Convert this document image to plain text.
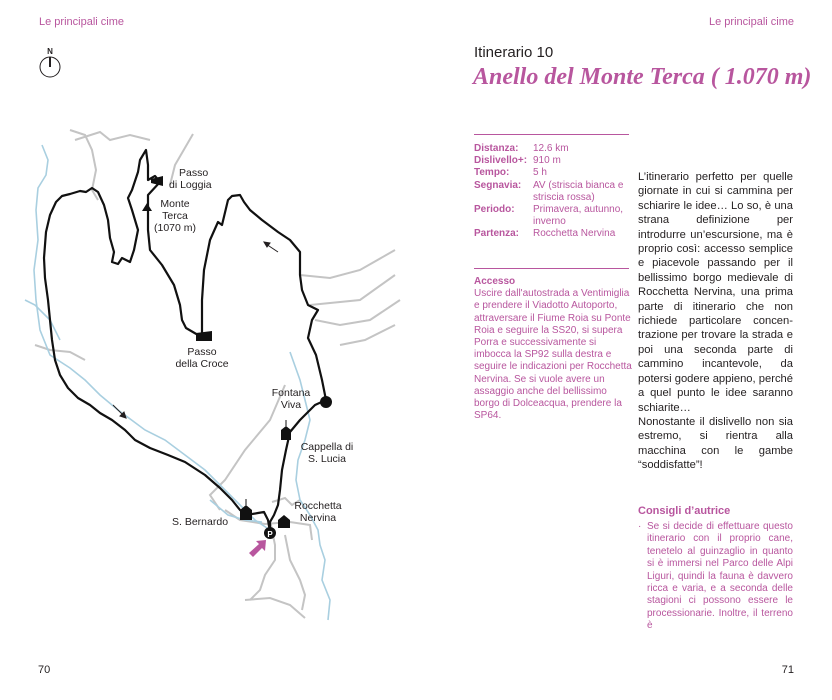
Le principali cime	Le principali cime
N
P
Passo di Loggia
Monte Terca (1070 m)
Passo della Croce
Fontana Viva
Cappella di S. Lucia
Rocchetta Nervina
S. Bernardo
Itinerario 10
Anello del Monte Terca ( 1.070 m)
Distanza:	12.6 km
Dislivello+: 910 m
Tempo:	5 h
Segnavia:	AV (striscia bianca e striscia rossa)
Periodo:	Primavera, autunno, inverno
Partenza:	Rocchetta Nervina
Accesso
Uscire dall'autostrada a Ventimiglia e prendere il Viadotto Autoporto, attraversare il Fiume Roia su Ponte Roia e seguire la SS20, si supera Porra e successivamente si imbocca la SP92 sulla destra e seguire le indicazioni per Rocchetta Nervina. Se si vuole avere un assaggio anche del bellissimo borgo di Dolceacqua, prendere la SP64.

L’itinerario perfetto per quelle giornate in cui si cammina per schiarire le idee… Lo so, è una strana definizione per introdurre un’escursione, ma è proprio così: accesso semplice e piacevole passando per il bellissimo borgo medievale di Rocchetta Nervina, una prima parte di itinerario che non richiede particolare concentrazione per trovare la strada e poi una seconda parte di cammino incantevole, da potersi godere appieno, perché a quel punto le idee saranno schiarite…

Nonostante il dislivello non sia estremo, si rientra alla macchina con le gambe “soddisfatte”!

Consigli d’autrice
· Se si decide di effettuare questo itinerario con il proprio cane, tenetelo al guinzaglio in quanto si è immersi nel Parco delle Alpi Liguri, quindi la fauna è davvero ricca e varia, e a seconda delle stagioni ci possono essere le processionarie. Inoltre, il terreno è
70	71
